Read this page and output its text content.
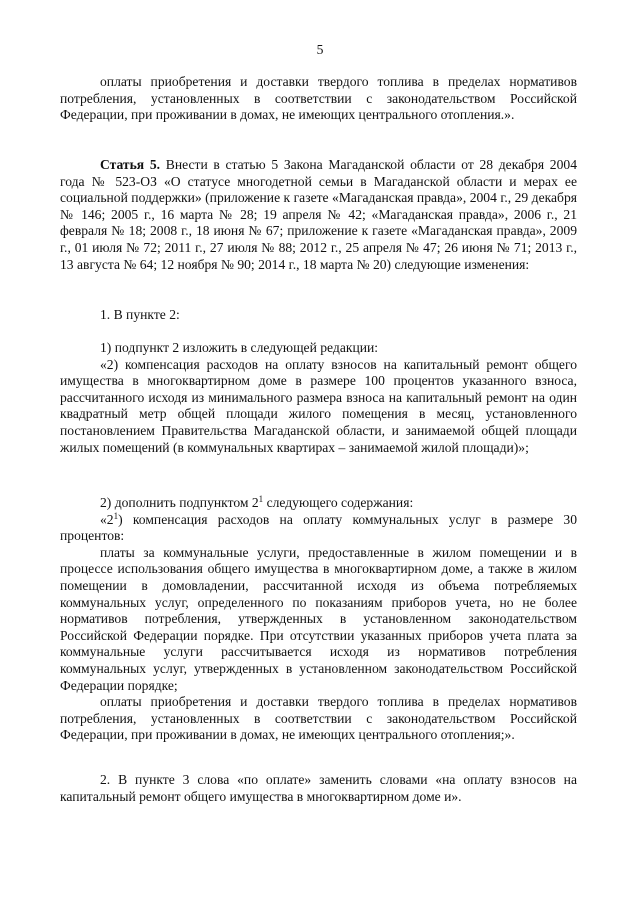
5

оплаты приобретения и доставки твердого топлива в пределах нормативов потребления, установленных в соответствии с законодательством Российской Федерации, при проживании в домах, не имеющих центрального отопления.».

Статья 5. Внести в статью 5 Закона Магаданской области от 28 декабря 2004 года № 523-ОЗ «О статусе многодетной семьи в Магаданской области и мерах ее социальной поддержки» (приложение к газете «Магаданская правда», 2004 г., 29 декабря № 146; 2005 г., 16 марта № 28; 19 апреля № 42; «Магаданская правда», 2006 г., 21 февраля № 18; 2008 г., 18 июня № 67; приложение к газете «Магаданская правда», 2009 г., 01 июля № 72; 2011 г., 27 июля № 88; 2012 г., 25 апреля № 47; 26 июня № 71; 2013 г., 13 августа № 64; 12 ноября № 90; 2014 г., 18 марта № 20) следующие изменения:

1. В пункте 2:

1) подпункт 2 изложить в следующей редакции:

«2) компенсация расходов на оплату взносов на капитальный ремонт общего имущества в многоквартирном доме в размере 100 процентов указанного взноса, рассчитанного исходя из минимального размера взноса на капитальный ремонт на один квадратный метр общей площади жилого помещения в месяц, установленного постановлением Правительства Магаданской области, и занимаемой общей площади жилых помещений (в коммунальных квартирах – занимаемой жилой площади)»;

2) дополнить подпунктом $2^1$ следующего содержания:

«$2^1$) компенсация расходов на оплату коммунальных услуг в размере 30 процентов:

платы за коммунальные услуги, предоставленные в жилом помещении и в процессе использования общего имущества в многоквартирном доме, а также в жилом помещении в домовладении, рассчитанной исходя из объема потребляемых коммунальных услуг, определенного по показаниям приборов учета, но не более нормативов потребления, утвержденных в установленном законодательством Российской Федерации порядке. При отсутствии указанных приборов учета плата за коммунальные услуги рассчитывается исходя из нормативов потребления коммунальных услуг, утвержденных в установленном законодательством Российской Федерации порядке;

оплаты приобретения и доставки твердого топлива в пределах нормативов потребления, установленных в соответствии с законодательством Российской Федерации, при проживании в домах, не имеющих центрального отопления;».

2. В пункте 3 слова «по оплате» заменить словами «на оплату взносов на капитальный ремонт общего имущества в многоквартирном доме и».
